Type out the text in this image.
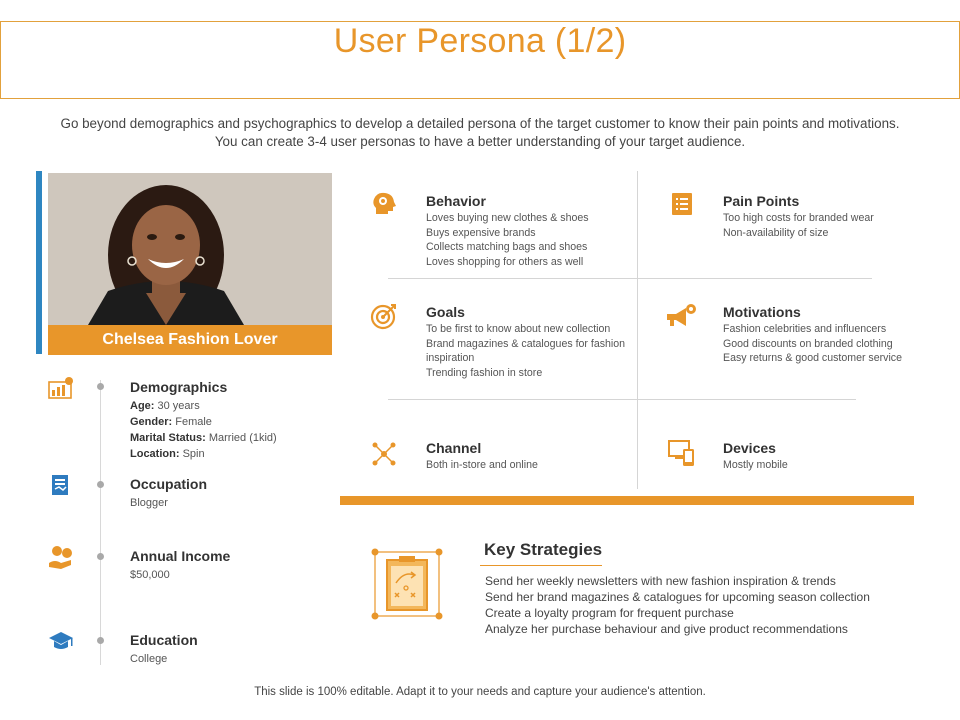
User Persona (1/2)
Go beyond demographics and psychographics to develop a detailed persona of the target customer to know their pain points and motivations.
You can create 3-4 user personas to have a better understanding of your target audience.
Chelsea Fashion Lover
Demographics
Age: 30 years
Gender: Female
Marital Status: Married (1kid)
Location: Spin
Occupation
Blogger
Annual Income
$50,000
Education
College
Behavior
Loves buying new clothes & shoes
Buys expensive brands
Collects matching bags and shoes
Loves shopping for others as well
Pain Points
Too high costs for branded wear
Non-availability of size
Goals
To be first to know about new collection
Brand magazines & catalogues for fashion
inspiration
Trending fashion in store
Motivations
Fashion celebrities and influencers
Good discounts on branded clothing
Easy returns & good customer service
Channel
Both in-store and online
Devices
Mostly mobile
Key Strategies
Send her weekly newsletters with new fashion inspiration & trends
Send her brand magazines & catalogues for upcoming season collection
Create a loyalty program for frequent purchase
Analyze her purchase behaviour and give product recommendations
This slide is 100% editable. Adapt it to your needs and capture your audience's attention.
